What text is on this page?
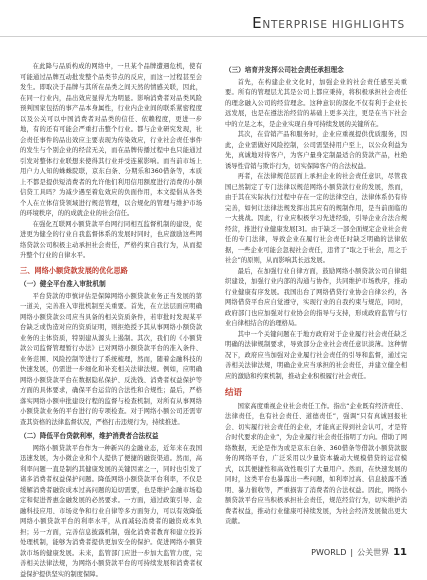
ENTERPRISE HIGHLIGHTS

在此降与品质构成的网络中，一旦某个品牌遭遇危机，使有可能通过品牌互动批发整个品类节点的反应，而这一过程甚至会发生。即取决于品牌与其所在品类之间天然的情感关联，因此，在同一行业内，品出效应显得尤为明显。影响消费者对品类风险预判国家包括的事产品本身属性，行业内企业间的联系紧密程度以及公关可以中国消费者对品类的信任、依赖程度，更进一步地，有的还有可能会严重打击整个行业。都与企业研究发现，社会责任事件的品出效应主要表现为传染效应，行业社会责任事件的发生与个别企业的经营无关，而在品牌传播过程中也只能通过引发对整体行业联想来使得其行业并受连累影响。而当前市场上用户力人知的蛛蛛院联，京东白条、分期乐和360借条等，本质上不都是提供短消费者的允许他们利用信用额度进行消费的小额信贷工具吗？为减少遇至着危效应的负面作用，本文提倡从各类个人在立体信贷领域进行规范管理，以合规化的管理与维护市场的环境秩序，的的成就企业的社会信任。

在强化互联网小额贷款平台网行同相互监督机制的建设，促进更为健全的行业自我监督体系的发展时同时，也应激励这些网络贷款公司积极主动承担社会责任，严格约束自我行为，从而提升整个行业的自律水平。

三、网络小额贷款发展的优化思路
（一）健全平台准入审批机制

平台贷款的审慎评估是保障网络小额贷款业务正当发展的第一道关，完善准入审批机制至关重要。首先，在立法层面应明确网络小额贷款公司应当具备的相关资质条件，若审批时发现某平台缺乏或伪造对应的资质证明，则拒绝授予其从事网络小额贷款业务的主体资质，特别建从源头上遏制。其次，我们的《小额贷款公司监督管理暂行办法》已对网络小额贷款平台的准入条件、业务范围、风险控制等进行了系统梳理，然而，随着金融科技的快速发展，仍需进一步细化和补充相关法律法规。例如，应明确网络小额贷款平台在数据隐私保护、反洗钱、消费者权益保护等方面的具体要求，确保平台运营的合法性和合规性；最后，严格落实网络小额申批建设行程的监督与检查机制，对所有从事网络小额贷款业务的平台进行的专项检查。对于网络小额公司还需审查其资格的法律监督状况，严格打击违规行为，持续推进。

（二）降低平台贷款利率，维护消费者合法权益

网络小额贷款平台作为一种新兴的金融业态，近年来在我国迅速发展，为小微企业和个人提供了便捷的融资渠道。然而，高利率问题一直是制约其健康发展的关键因素之一，同时也引发了诸多消费者权益保护问题。降低网络小额贷款平台利率，不仅是缓解消费者融资成本过高问题的迫切需要，也是维护金融市场稳定和促进普惠金融发展的必然要求。一方面，通过政策引导、金融科技应用、市场竞争和行业自律等多方面努力，可以有效降低网络小额贷款平台的利率水平，从而减轻消费者的融资成本负担；另一方面，完善信息披露机制，强化消费者教育和建立投诉处理机制，能够为消费者提供更加安全的保护。促进网络小额贷款市场的健康发展。未来，监管部门应进一步加大监管力度，完善相关法律法规，为网络小额贷款平台的可持续发展和消费者权益保护提供坚实的制度保障。

（三）培育并发挥公司社会责任承担理念

首先，在构建企业文化时，加强企业的社会责任感至关重要。所有的管理层尤其是公司上都应秉持，将积极承担社会责任的理念融入公司的经营理念。这种意识的深化不仅有利于企业长远发展，也是在遵法治经营的基础上更多关注，更是在当下社会中的立足之本，是企业实现自身可持续发展的关键所在。

其次，在营销产品和服务时，企业应重视提供优质服务，因此，企业需做好风险控制，公司需坚持用户至上，以公众利益为先，真诚地对待客户，为客户量身定制最适合的贷款产品，杜绝诱导性营销与欺诈行为，切实保障客户的合法权益。

再者，在法律规范层面上承担企业的社会责任意识，尽管我国已然制定了专门法律以规范网络小额贷款行业的发展，然而，由于其在实际执行过程中存在一定的法律空白，法律体系仍有待完善，如何让法律法规发挥出其应有的规制作用，是当前面临的一大挑战。因此，行业应积极学习先进经验，引导企业合法合规经营，推进行业健康发展[3]。由于缺乏一部全面规定企业社会责任的专门法律，导致企业在履行社会责任时缺乏明确的法律依据，一些企业可能会忽视社会责任，违背了“取之于社会，用之于社会”的原则，从而影响其长远发展。

最后，在加强行业自律方面，鼓励网络小额贷款公司自律组织建设，加强行业内部的沟通与协作，共同维护市场秩序，推动行业健康有序发展。我国出台了网络借贷行业协会自律公约，各网络借贷平台应自觉遵守，实现行业的自我约束与规范，同时，政府部门也应加强对行业协会的指导与支持，形成政府监管与行业自律相结合的治理格局。

其中一个关键问题在于地方政府对于企业履行社会责任缺乏明确的法律规制要求，导致部分企业社会责任意识淡薄。这种情况下，政府应当加强对企业履行社会责任的引导和监督，通过完善相关法律法规，明确企业应当承担的社会责任，并建立健全相应的激励和约束机制，推动企业积极履行社会责任。

结语

国家高度重视企业社会责任工作。指出“企业既有经济责任、法律责任，也有社会责任、道德责任”，强调“只有真诚回报社会、切实履行社会责任的企业，才能真正得到社会认可，才是符合时代要求的企业”，为企业履行社会责任指明了方向。借助了网络数据，无论是作为或是京东白条、360借条等借款小额贷款服务的网络平台，广泛采用以少量资本撬动大规模借贷的运营模式，以其便捷性和高效性吸引了大量用户。然而，在快速发展的同时，这类平台也暴露出一些问题，如利率过高、信息披露不透明、暴力催收等，严重损害了消费者的合法权益。因此，网络小额贷款平台应当积极承担社会责任，规范经营行为，切实维护消费者权益，推动行业健康可持续发展，为社会经济发展做出更大贡献。

PWORLD | 公关世界 11
